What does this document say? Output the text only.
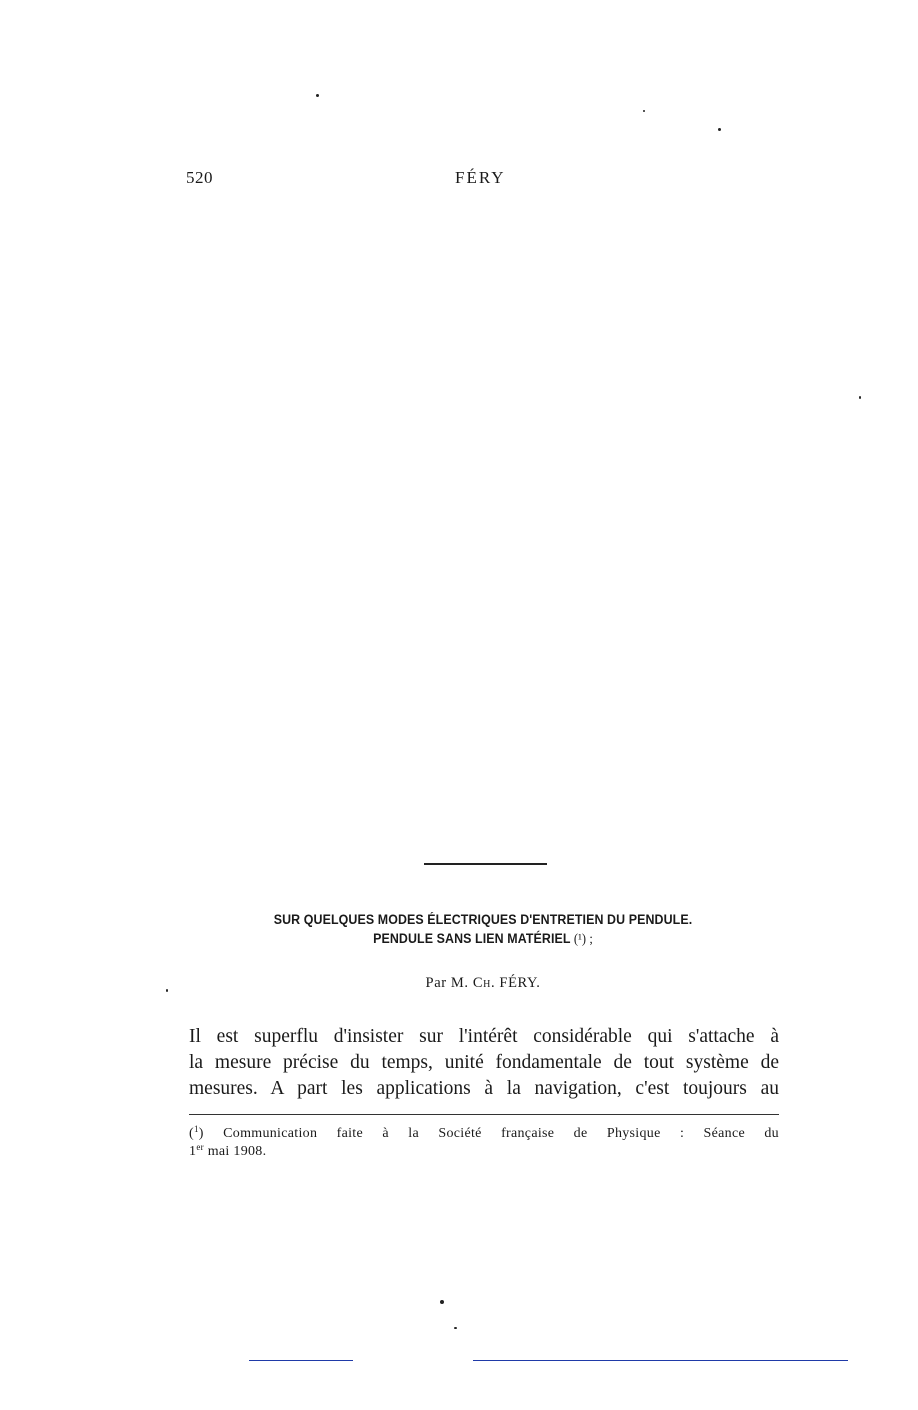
520	FÉRY
SUR QUELQUES MODES ÉLECTRIQUES D'ENTRETIEN DU PENDULE.
PENDULE SANS LIEN MATÉRIEL (¹) ;
Par M. Ch. FÉRY.
Il est superflu d'insister sur l'intérêt considérable qui s'attache à
la mesure précise du temps, unité fondamentale de tout système de
mesures. A part les applications à la navigation, c'est toujours au
($^1$) Communication faite à la Société française de Physique : Séance du
1er mai 1908.
